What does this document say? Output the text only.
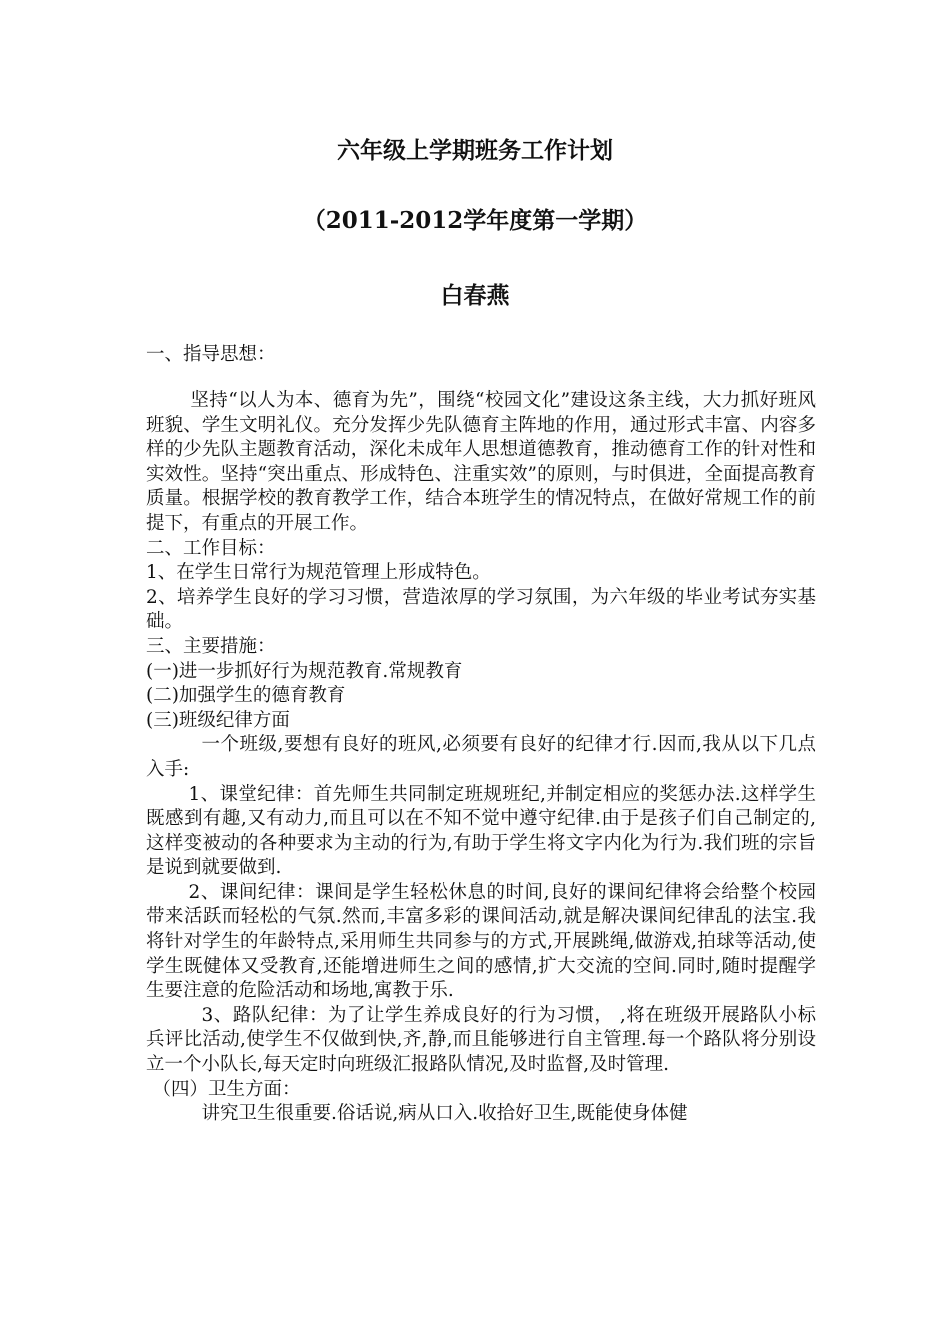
六年级上学期班务工作计划
（2011-2012学年度第一学期）
白春燕

一、指导思想：

坚持“以人为本、德育为先”，围绕“校园文化”建设这条主线，大力抓好班风班貌、学生文明礼仪。充分发挥少先队德育主阵地的作用，通过形式丰富、内容多样的少先队主题教育活动，深化未成年人思想道德教育，推动德育工作的针对性和实效性。坚持“突出重点、形成特色、注重实效”的原则，与时俱进，全面提高教育质量。根据学校的教育教学工作，结合本班学生的情况特点，在做好常规工作的前提下，有重点的开展工作。

二、工作目标：

1、在学生日常行为规范管理上形成特色。

2、培养学生良好的学习习惯，营造浓厚的学习氛围，为六年级的毕业考试夯实基础。

三、主要措施：

(一)进一步抓好行为规范教育.常规教育

(二)加强学生的德育教育

(三)班级纪律方面

一个班级,要想有良好的班风,必须要有良好的纪律才行.因而,我从以下几点入手:

1、课堂纪律：首先师生共同制定班规班纪,并制定相应的奖惩办法.这样学生既感到有趣,又有动力,而且可以在不知不觉中遵守纪律.由于是孩子们自己制定的,这样变被动的各种要求为主动的行为,有助于学生将文字内化为行为.我们班的宗旨是说到就要做到.

2、课间纪律：课间是学生轻松休息的时间,良好的课间纪律将会给整个校园带来活跃而轻松的气氛.然而,丰富多彩的课间活动,就是解决课间纪律乱的法宝.我将针对学生的年龄特点,采用师生共同参与的方式,开展跳绳,做游戏,拍球等活动,使学生既健体又受教育,还能增进师生之间的感情,扩大交流的空间.同时,随时提醒学生要注意的危险活动和场地,寓教于乐.

3、路队纪律：为了让学生养成良好的行为习惯， ,将在班级开展路队小标兵评比活动,使学生不仅做到快,齐,静,而且能够进行自主管理.每一个路队将分别设立一个小队长,每天定时向班级汇报路队情况,及时监督,及时管理.

（四）卫生方面：

讲究卫生很重要.俗话说,病从口入.收拾好卫生,既能使身体健
